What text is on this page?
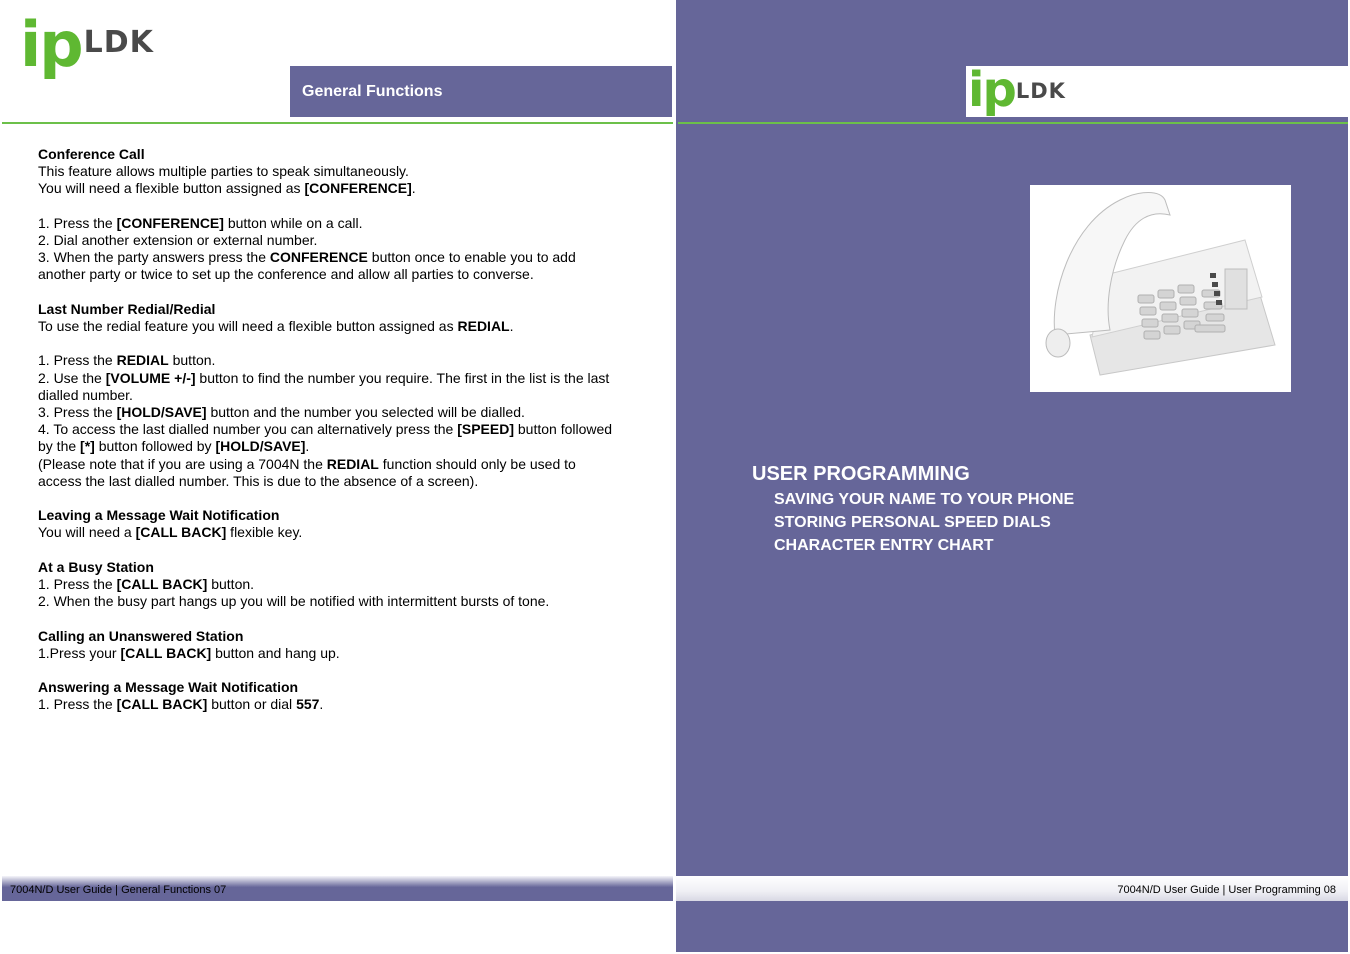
ip LDK
General Functions

Conference Call
This feature allows multiple parties to speak simultaneously.
You will need a flexible button assigned as [CONFERENCE].

1. Press the [CONFERENCE] button while on a call.
2. Dial another extension or external number.
3. When the party answers press the CONFERENCE button once to enable you to add
another party or twice to set up the conference and allow all parties to converse.

Last Number Redial/Redial
To use the redial feature you will need a flexible button assigned as REDIAL.

1. Press the REDIAL button.
2. Use the [VOLUME +/-] button to find the number you require. The first in the list is the last
dialled number.
3. Press the [HOLD/SAVE] button and the number you selected will be dialled.
4. To access the last dialled number you can alternatively press the [SPEED] button followed
by the [*] button followed by [HOLD/SAVE].
(Please note that if you are using a 7004N the REDIAL function should only be used to
access the last dialled number. This is due to the absence of a screen).

Leaving a Message Wait Notification
You will need a [CALL BACK] flexible key.

At a Busy Station
1. Press the [CALL BACK] button.
2. When the busy part hangs up you will be notified with intermittent bursts of tone.

Calling an Unanswered Station
1.Press your [CALL BACK] button and hang up.

Answering a Message Wait Notification
1. Press the [CALL BACK] button or dial 557.

7004N/D User Guide | General Functions 07
ip LDK
USER PROGRAMMING
SAVING YOUR NAME TO YOUR PHONE
STORING PERSONAL SPEED DIALS
CHARACTER ENTRY CHART
7004N/D User Guide | User Programming 08
